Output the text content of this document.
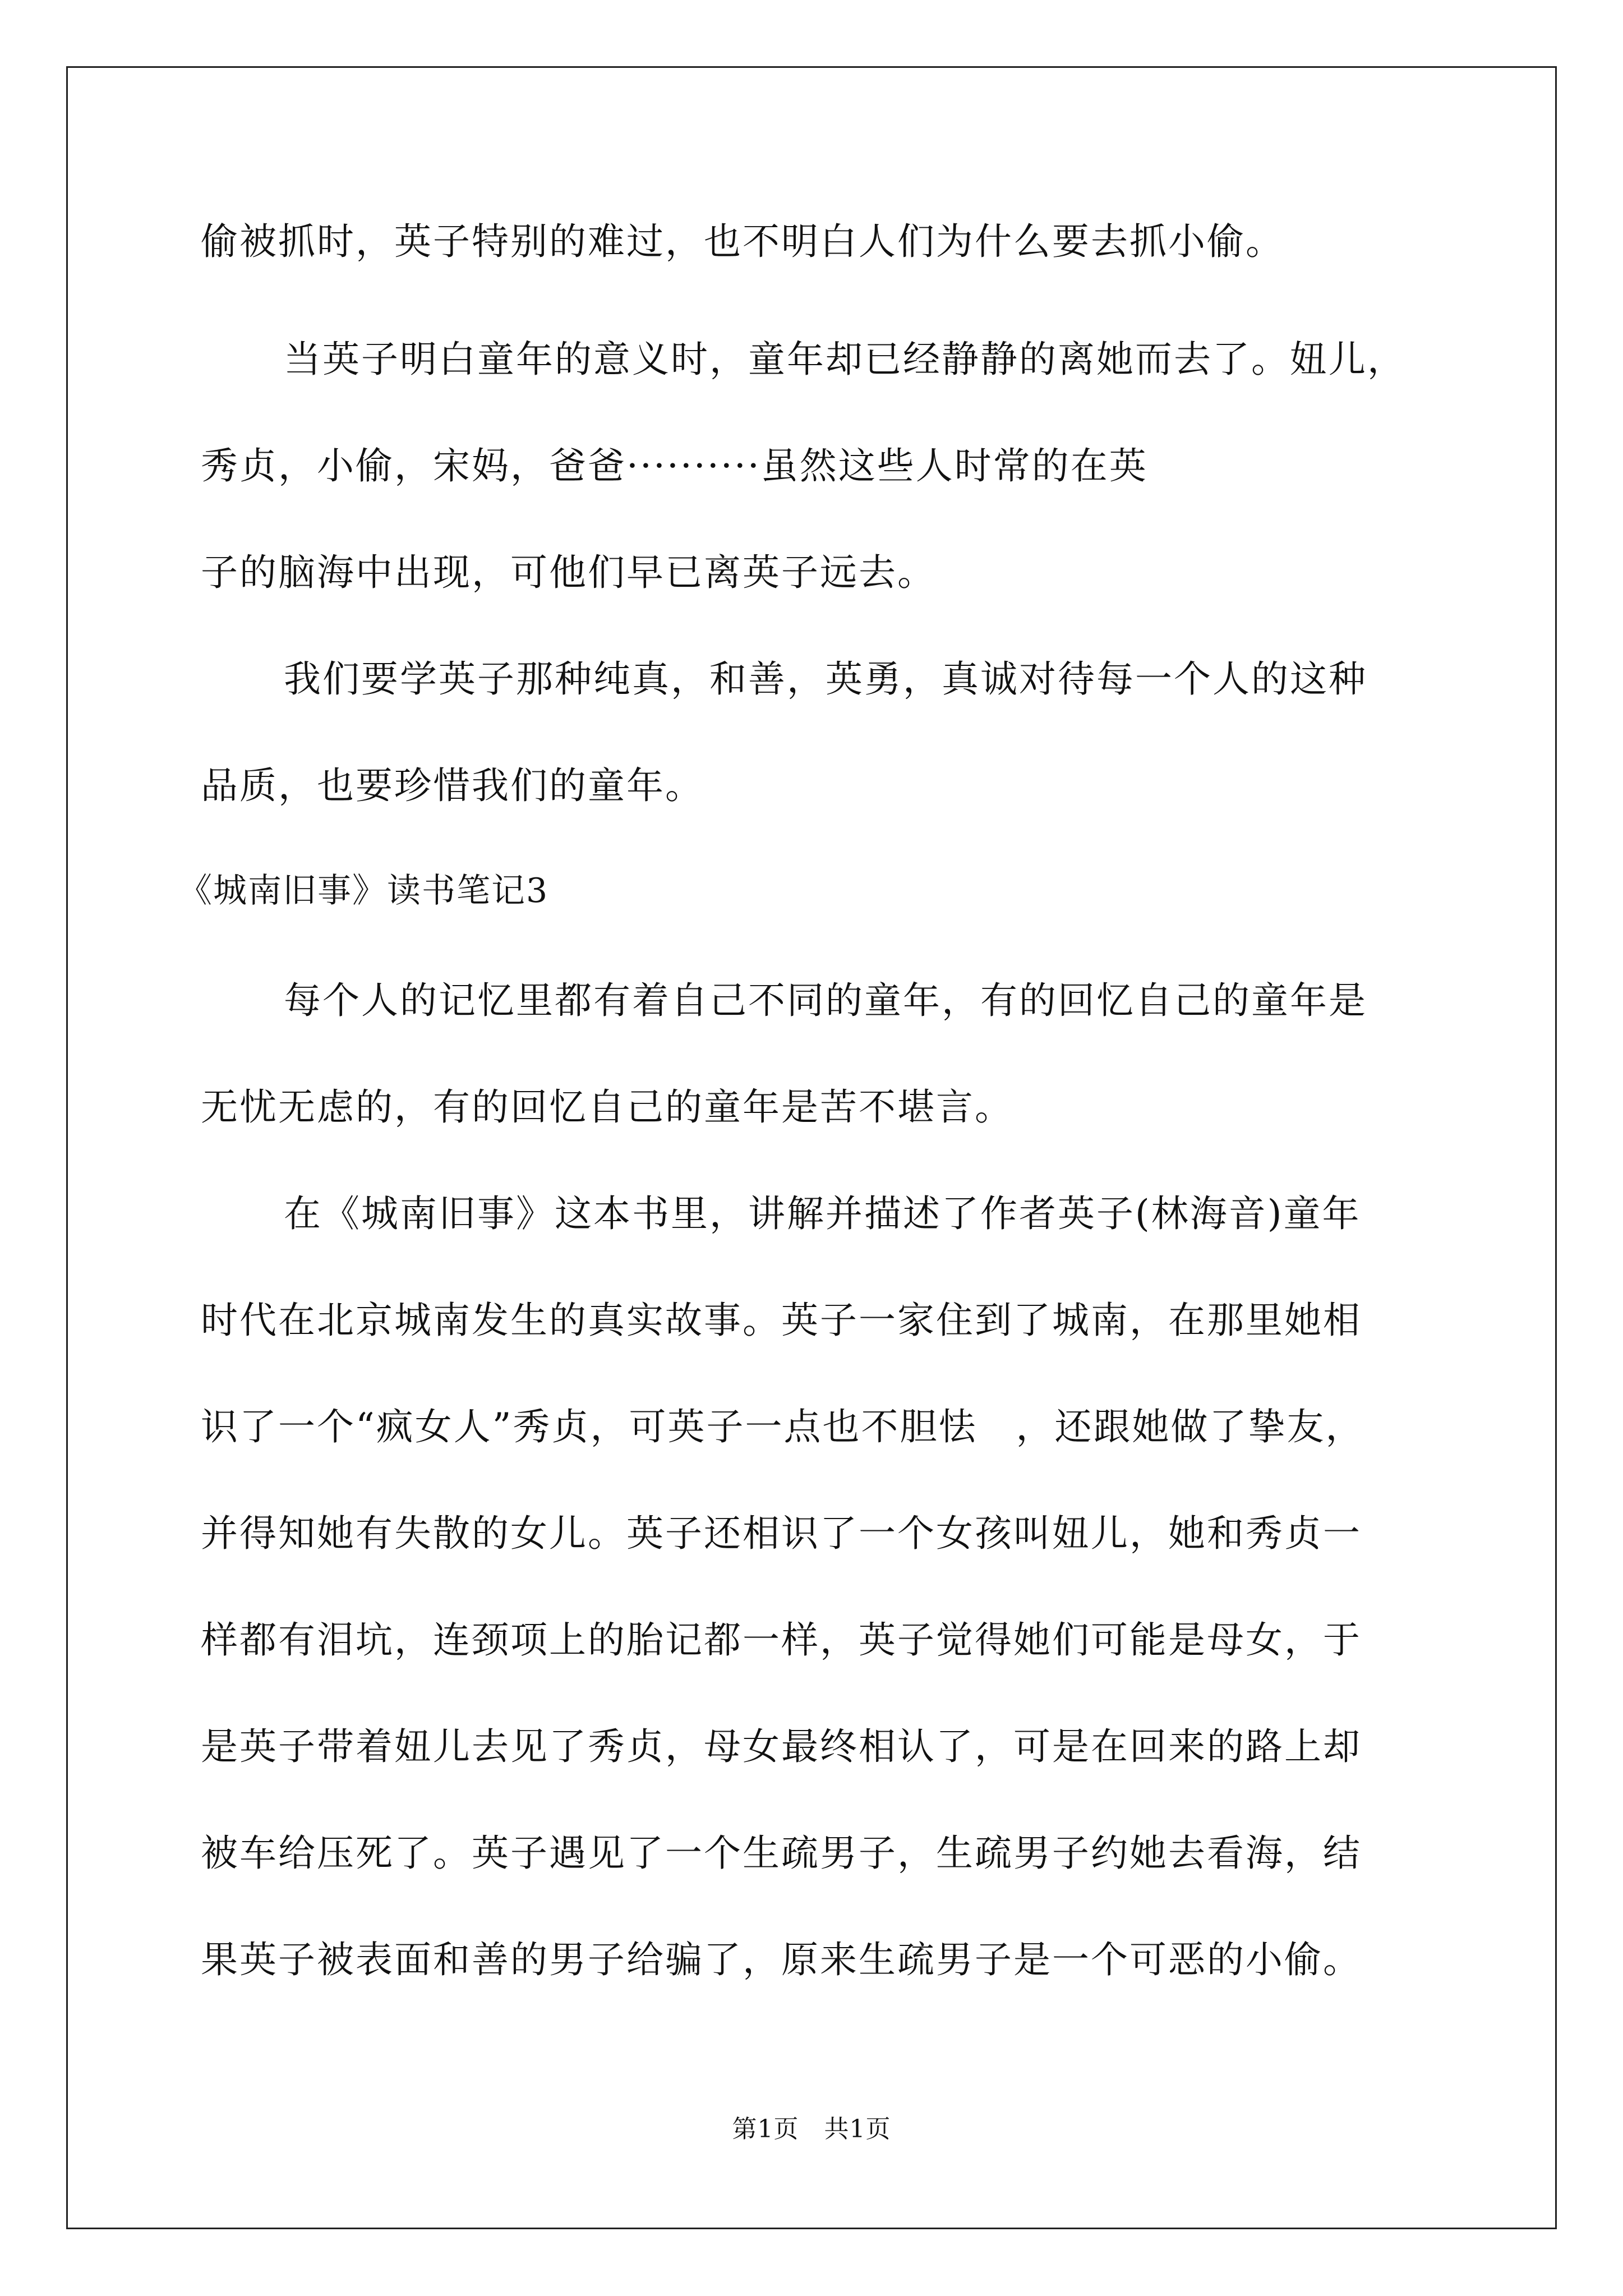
偷被抓时，英子特别的难过，也不明白人们为什么要去抓小偷。
当英子明白童年的意义时，童年却已经静静的离她而去了。妞儿，
秀贞，小偷，宋妈，爸爸··········虽然这些人时常的在英
子的脑海中出现，可他们早已离英子远去。
我们要学英子那种纯真，和善，英勇，真诚对待每一个人的这种
品质，也要珍惜我们的童年。
《城南旧事》读书笔记3
每个人的记忆里都有着自己不同的童年，有的回忆自己的童年是
无忧无虑的，有的回忆自己的童年是苦不堪言。
在《城南旧事》这本书里，讲解并描述了作者英子(林海音)童年
时代在北京城南发生的真实故事。英子一家住到了城南，在那里她相
识了一个“疯女人”秀贞，可英子一点也不胆怯　，还跟她做了挚友，
并得知她有失散的女儿。英子还相识了一个女孩叫妞儿，她和秀贞一
样都有泪坑，连颈项上的胎记都一样，英子觉得她们可能是母女，于
是英子带着妞儿去见了秀贞，母女最终相认了，可是在回来的路上却
被车给压死了。英子遇见了一个生疏男子，生疏男子约她去看海，结
果英子被表面和善的男子给骗了，原来生疏男子是一个可恶的小偷。
第1页　共1页
